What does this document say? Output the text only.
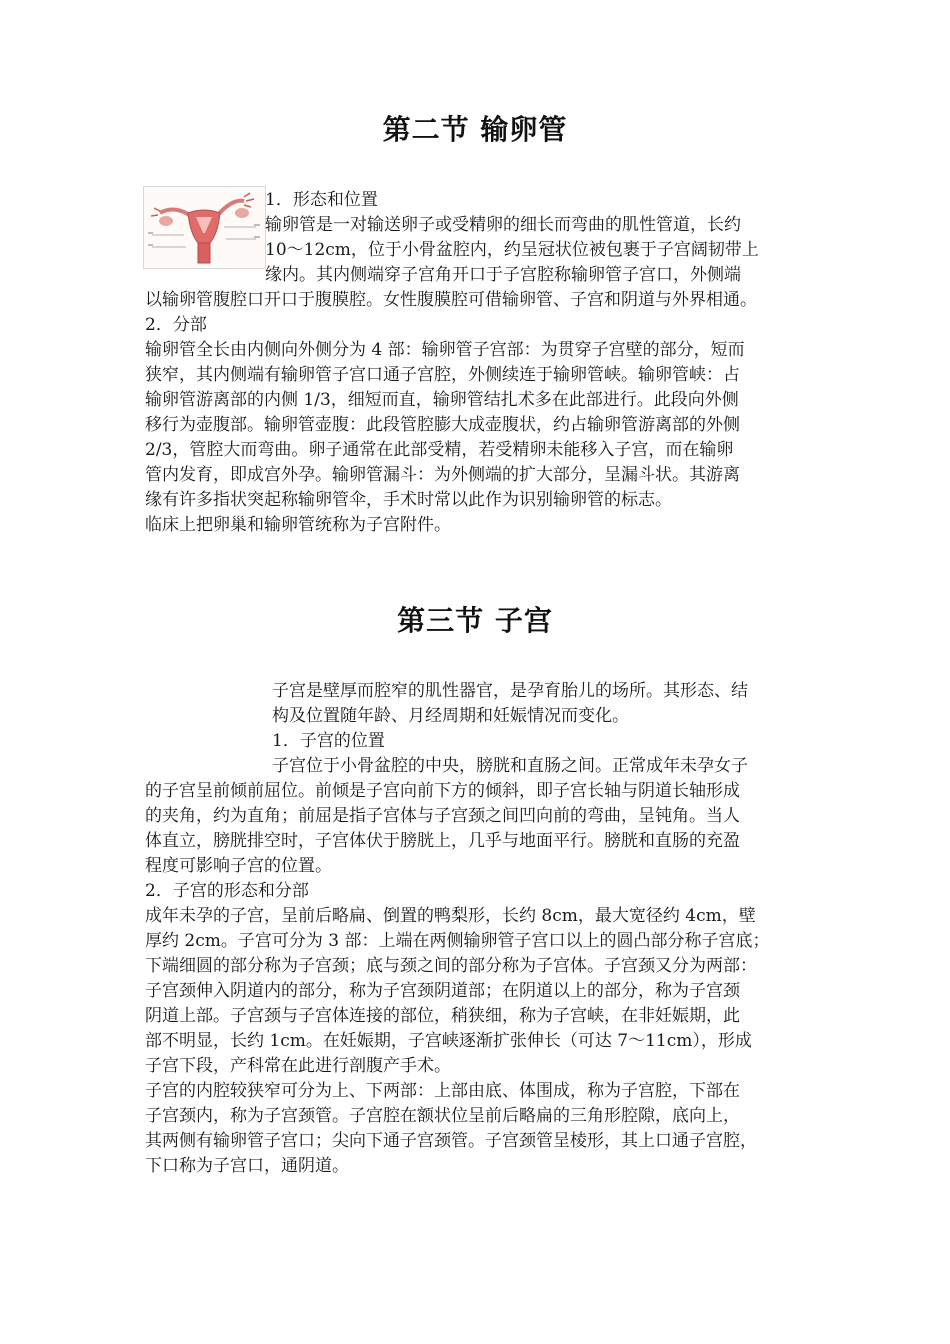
第二节 输卵管
1．形态和位置
输卵管是一对输送卵子或受精卵的细长而弯曲的肌性管道，长约
10～12cm，位于小骨盆腔内，约呈冠状位被包裹于子宫阔韧带上
缘内。其内侧端穿子宫角开口于子宫腔称输卵管子宫口，外侧端
以输卵管腹腔口开口于腹膜腔。女性腹膜腔可借输卵管、子宫和阴道与外界相通。
2．分部
输卵管全长由内侧向外侧分为 4 部：输卵管子宫部：为贯穿子宫壁的部分，短而
狭窄，其内侧端有输卵管子宫口通子宫腔，外侧续连于输卵管峡。输卵管峡：占
输卵管游离部的内侧 1/3，细短而直，输卵管结扎术多在此部进行。此段向外侧
移行为壶腹部。输卵管壶腹：此段管腔膨大成壶腹状，约占输卵管游离部的外侧
2/3，管腔大而弯曲。卵子通常在此部受精，若受精卵未能移入子宫，而在输卵
管内发育，即成宫外孕。输卵管漏斗：为外侧端的扩大部分，呈漏斗状。其游离
缘有许多指状突起称输卵管伞，手术时常以此作为识别输卵管的标志。
临床上把卵巢和输卵管统称为子宫附件。
第三节 子宫
子宫是壁厚而腔窄的肌性器官，是孕育胎儿的场所。其形态、结
构及位置随年龄、月经周期和妊娠情况而变化。
1．子宫的位置
子宫位于小骨盆腔的中央，膀胱和直肠之间。正常成年未孕女子
的子宫呈前倾前屈位。前倾是子宫向前下方的倾斜，即子宫长轴与阴道长轴形成
的夹角，约为直角；前屈是指子宫体与子宫颈之间凹向前的弯曲，呈钝角。当人
体直立，膀胱排空时，子宫体伏于膀胱上，几乎与地面平行。膀胱和直肠的充盈
程度可影响子宫的位置。
2．子宫的形态和分部
成年未孕的子宫，呈前后略扁、倒置的鸭梨形，长约 8cm，最大宽径约 4cm，壁
厚约 2cm。子宫可分为 3 部：上端在两侧输卵管子宫口以上的圆凸部分称子宫底；
下端细圆的部分称为子宫颈；底与颈之间的部分称为子宫体。子宫颈又分为两部：
子宫颈伸入阴道内的部分，称为子宫颈阴道部；在阴道以上的部分，称为子宫颈
阴道上部。子宫颈与子宫体连接的部位，稍狭细，称为子宫峡，在非妊娠期，此
部不明显，长约 1cm。在妊娠期，子宫峡逐渐扩张伸长（可达 7～11cm），形成
子宫下段，产科常在此进行剖腹产手术。
子宫的内腔较狭窄可分为上、下两部：上部由底、体围成，称为子宫腔，下部在
子宫颈内，称为子宫颈管。子宫腔在额状位呈前后略扁的三角形腔隙，底向上，
其两侧有输卵管子宫口；尖向下通子宫颈管。子宫颈管呈棱形，其上口通子宫腔，
下口称为子宫口，通阴道。
